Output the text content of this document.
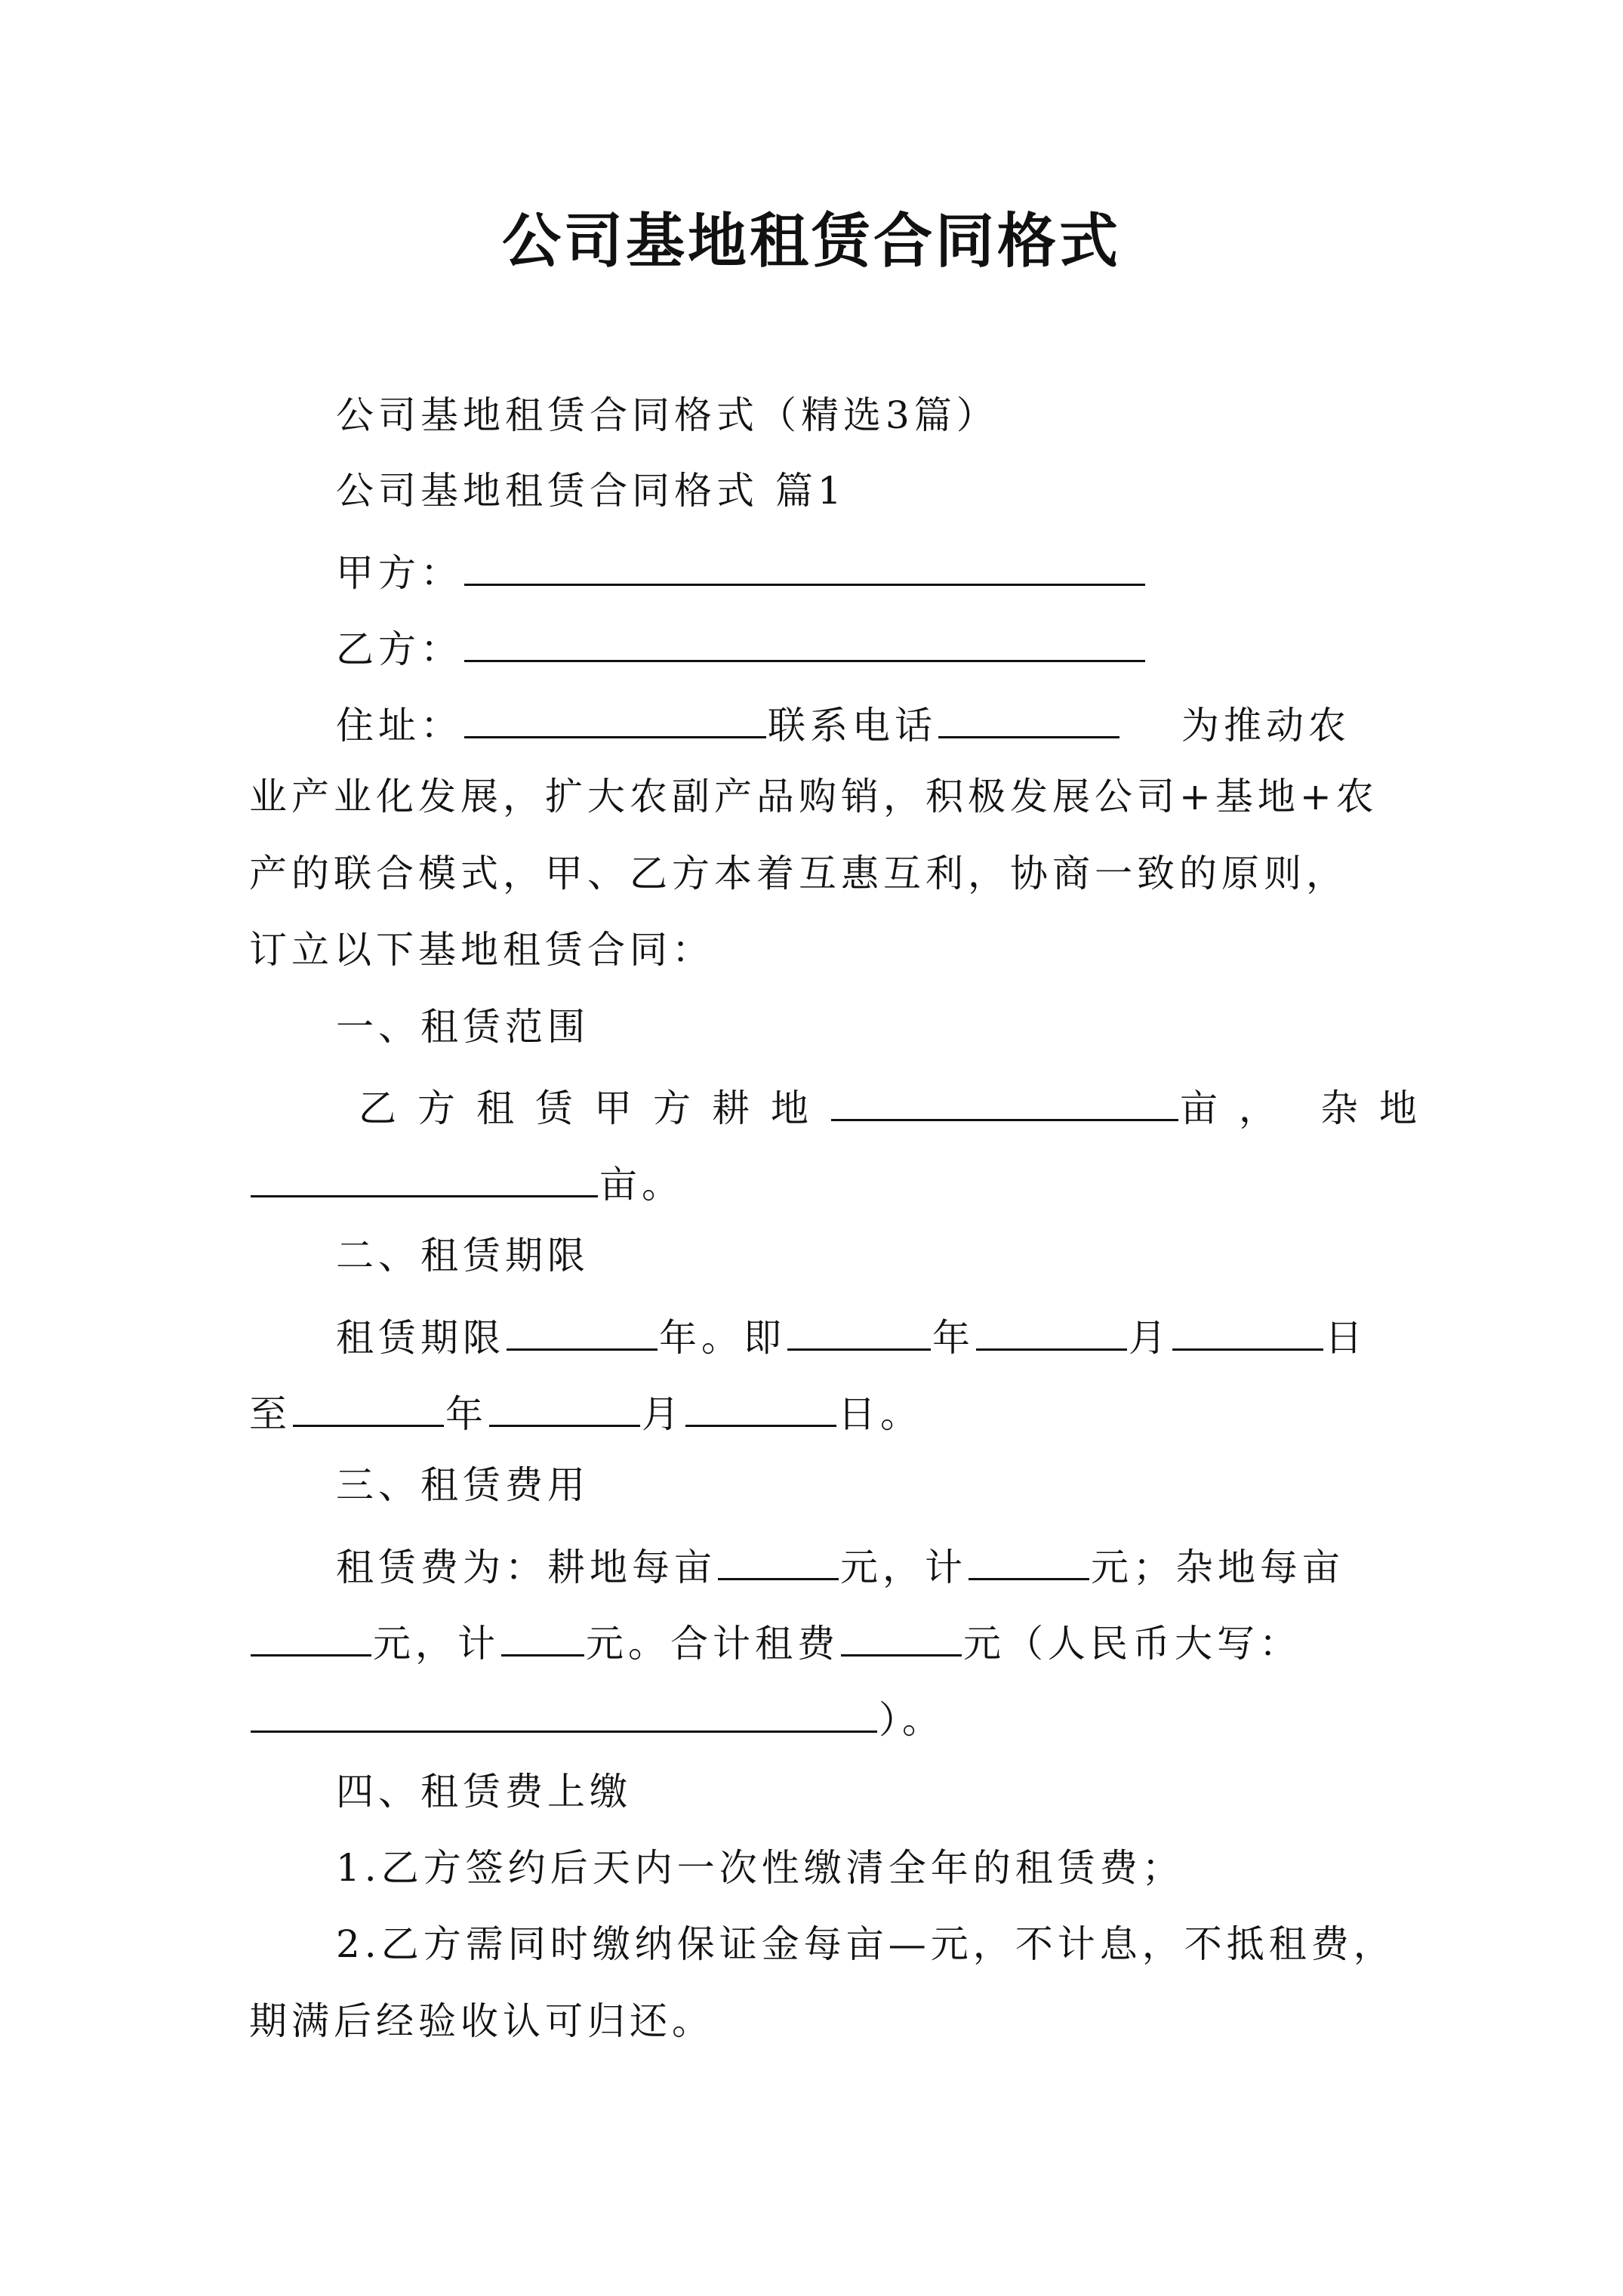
公司基地租赁合同格式
公司基地租赁合同格式（精选3篇）
公司基地租赁合同格式 篇1
甲方：
乙方：
住址：	联系电话	为推动农
业产业化发展，扩大农副产品购销，积极发展公司+基地+农
产的联合模式，甲、乙方本着互惠互利，协商一致的原则，
订立以下基地租赁合同：
一、租赁范围
乙方租赁甲方耕地	亩， 杂地
亩。
二、租赁期限
租赁期限	年。即	年	月	日
至	年	月	日。
三、租赁费用
租赁费为：耕地每亩	元，计	元；杂地每亩
元，计 元。合计租费	元（人民币大写：
）。
四、租赁费上缴
1.乙方签约后天内一次性缴清全年的租赁费；
2.乙方需同时缴纳保证金每亩—元，不计息，不抵租费，
期满后经验收认可归还。
